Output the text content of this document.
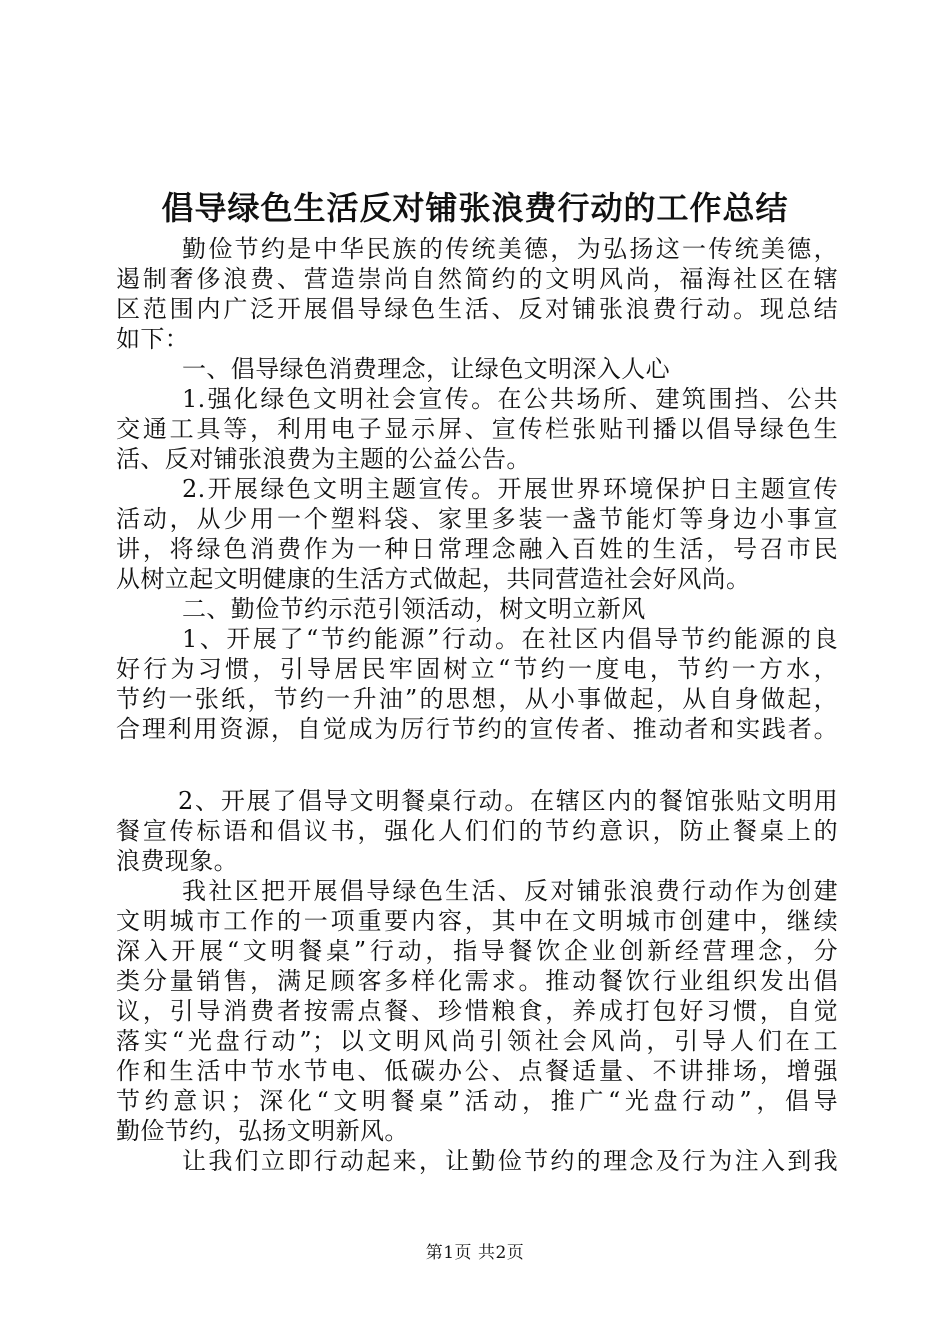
倡导绿色生活反对铺张浪费行动的工作总结
勤俭节约是中华民族的传统美德，为弘扬这一传统美德，
遏制奢侈浪费、营造崇尚自然简约的文明风尚，福海社区在辖
区范围内广泛开展倡导绿色生活、反对铺张浪费行动。现总结
如下：
一、倡导绿色消费理念，让绿色文明深入人心
1.强化绿色文明社会宣传。在公共场所、建筑围挡、公共
交通工具等，利用电子显示屏、宣传栏张贴刊播以倡导绿色生
活、反对铺张浪费为主题的公益公告。
2.开展绿色文明主题宣传。开展世界环境保护日主题宣传
活动，从少用一个塑料袋、家里多装一盏节能灯等身边小事宣
讲，将绿色消费作为一种日常理念融入百姓的生活，号召市民
从树立起文明健康的生活方式做起，共同营造社会好风尚。
二、勤俭节约示范引领活动，树文明立新风
1、开展了“节约能源”行动。在社区内倡导节约能源的良
好行为习惯，引导居民牢固树立“节约一度电，节约一方水，
节约一张纸，节约一升油”的思想，从小事做起，从自身做起，
合理利用资源，自觉成为厉行节约的宣传者、推动者和实践者。
2、开展了倡导文明餐桌行动。在辖区内的餐馆张贴文明用
餐宣传标语和倡议书，强化人们们的节约意识，防止餐桌上的
浪费现象。
我社区把开展倡导绿色生活、反对铺张浪费行动作为创建
文明城市工作的一项重要内容，其中在文明城市创建中，继续
深入开展“文明餐桌”行动，指导餐饮企业创新经营理念，分
类分量销售，满足顾客多样化需求。推动餐饮行业组织发出倡
议，引导消费者按需点餐、珍惜粮食，养成打包好习惯，自觉
落实“光盘行动”；以文明风尚引领社会风尚，引导人们在工
作和生活中节水节电、低碳办公、点餐适量、不讲排场，增强
节约意识；深化“文明餐桌”活动，推广“光盘行动”，倡导
勤俭节约，弘扬文明新风。
让我们立即行动起来，让勤俭节约的理念及行为注入到我
第1页 共2页
